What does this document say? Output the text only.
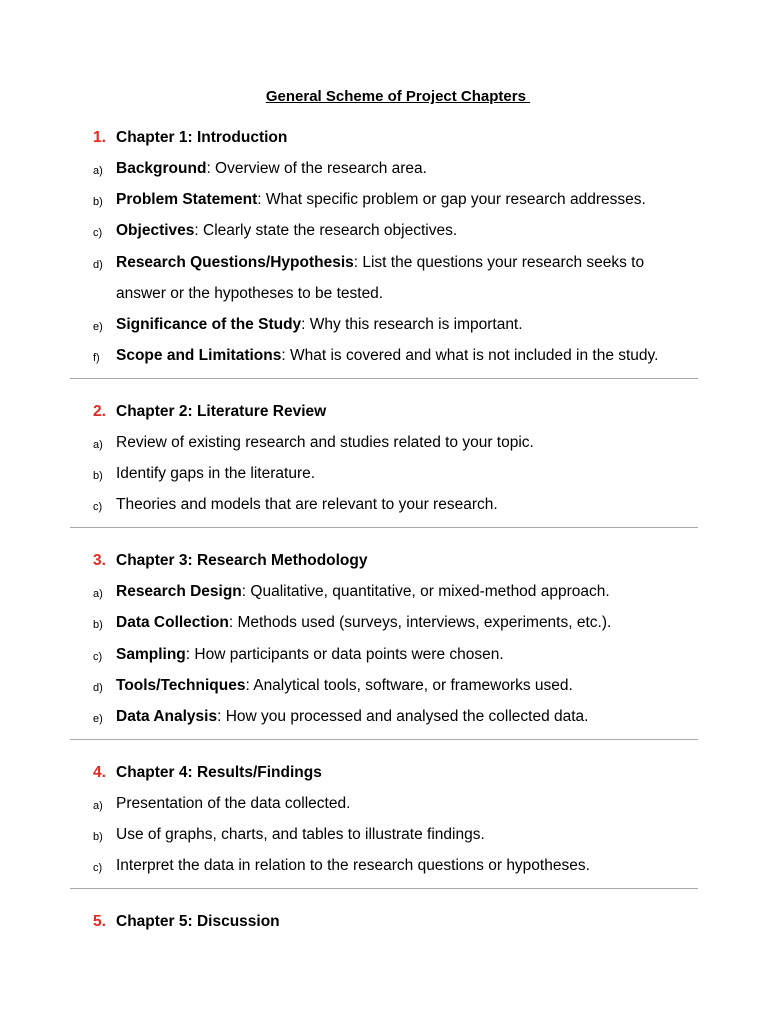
General Scheme of Project Chapters
1. Chapter 1: Introduction
a) Background: Overview of the research area.
b) Problem Statement: What specific problem or gap your research addresses.
c) Objectives: Clearly state the research objectives.
d) Research Questions/Hypothesis: List the questions your research seeks to
answer or the hypotheses to be tested.
e) Significance of the Study: Why this research is important.
f) Scope and Limitations: What is covered and what is not included in the study.
2. Chapter 2: Literature Review
a) Review of existing research and studies related to your topic.
b) Identify gaps in the literature.
c) Theories and models that are relevant to your research.
3. Chapter 3: Research Methodology
a) Research Design: Qualitative, quantitative, or mixed-method approach.
b) Data Collection: Methods used (surveys, interviews, experiments, etc.).
c) Sampling: How participants or data points were chosen.
d) Tools/Techniques: Analytical tools, software, or frameworks used.
e) Data Analysis: How you processed and analysed the collected data.
4. Chapter 4: Results/Findings
a) Presentation of the data collected.
b) Use of graphs, charts, and tables to illustrate findings.
c) Interpret the data in relation to the research questions or hypotheses.
5. Chapter 5: Discussion
